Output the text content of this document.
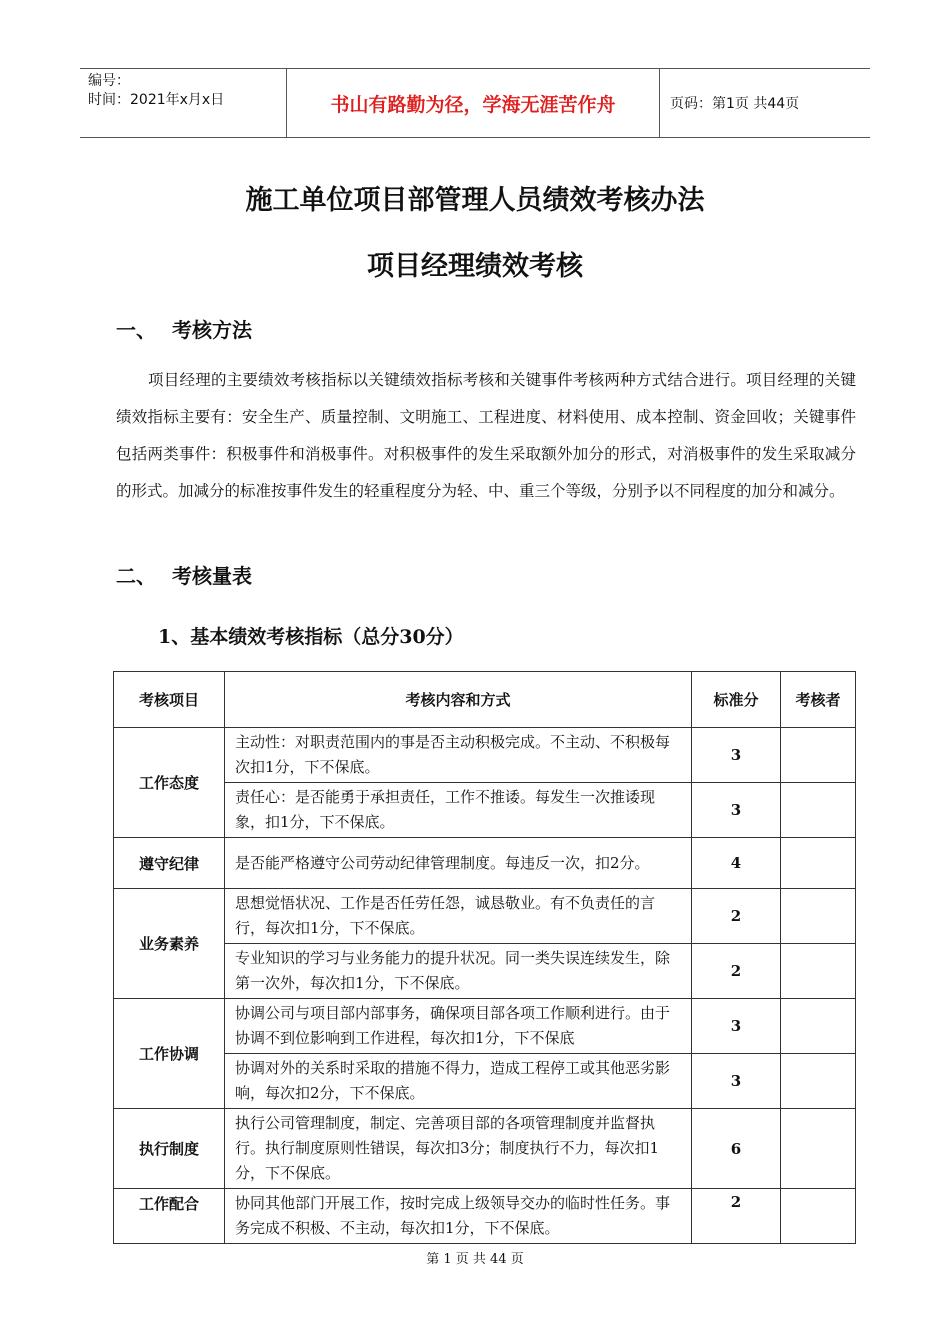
编号：
时间：2021年x月x日	书山有路勤为径，学海无涯苦作舟	页码：第1页 共44页
施工单位项目部管理人员绩效考核办法
项目经理绩效考核
一、 考核方法

项目经理的主要绩效考核指标以关键绩效指标考核和关键事件考核两种方式结合进行。项目经理的关键绩效指标主要有：安全生产、质量控制、文明施工、工程进度、材料使用、成本控制、资金回收；关键事件包括两类事件：积极事件和消极事件。对积极事件的发生采取额外加分的形式，对消极事件的发生采取减分的形式。加减分的标准按事件发生的轻重程度分为轻、中、重三个等级，分别予以不同程度的加分和减分。

二、 考核量表
1、基本绩效考核指标（总分30分）
考核项目	考核内容和方式	标准分	考核者
工作态度	主动性：对职责范围内的事是否主动积极完成。不主动、不积极每次扣1分，下不保底。	3	
	责任心：是否能勇于承担责任，工作不推诿。每发生一次推诿现象，扣1分，下不保底。	3	
遵守纪律	是否能严格遵守公司劳动纪律管理制度。每违反一次，扣2分。	4	
业务素养	思想觉悟状况、工作是否任劳任怨，诚恳敬业。有不负责任的言行，每次扣1分，下不保底。	2	
	专业知识的学习与业务能力的提升状况。同一类失误连续发生，除第一次外，每次扣1分，下不保底。	2	
工作协调	协调公司与项目部内部事务，确保项目部各项工作顺利进行。由于协调不到位影响到工作进程，每次扣1分，下不保底	3	
	协调对外的关系时采取的措施不得力，造成工程停工或其他恶劣影响，每次扣2分，下不保底。	3	
执行制度	执行公司管理制度，制定、完善项目部的各项管理制度并监督执行。执行制度原则性错误，每次扣3分；制度执行不力，每次扣1分，下不保底。	6	
工作配合	协同其他部门开展工作，按时完成上级领导交办的临时性任务。事务完成不积极、不主动，每次扣1分，下不保底。	2	
第 1 页 共 44 页
